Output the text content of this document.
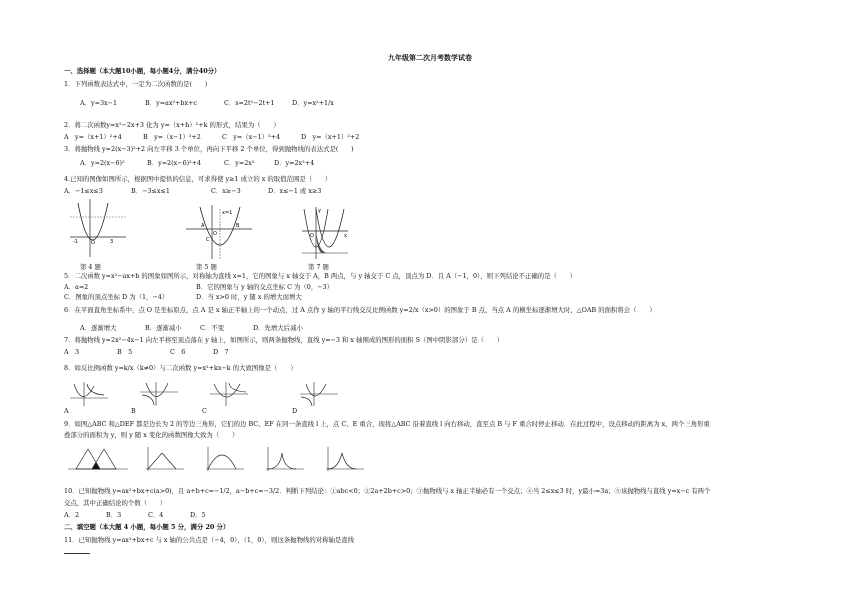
九年级第二次月考数学试卷
一、选择题（本大题10小题，每小题4分，满分40分）
1．下列函数表达式中，一定为二次函数的是(　　)
A．y=3x−1	B．y=ax²+bx+c	C．s=2t²−2t+1	D．y=x²+1/x
2．将二次函数y=x²−2x+3 化为 y=（x+h）²+k 的形式，结果为（　　）
A　y=（x+1）²+4	B　y=（x−1）²+2	C　y=（x−1）²+4	D　y=（x+1）²+2
3．将抛物线 y=2(x−3)²+2 向左平移 3 个单位，再向下平移 2 个单位，得到抛物线的表达式是(　　)
A．y=2(x−6)²	B．y=2(x−6)²+4	C．y=2x²	D．y=2x²+4
4.已知的图像如图所示，根据图中提供的信息，可求得使 y≥1 成立的 x 的取值范围是（　　）
A．−1≤x≤3	B．−3≤x≤1	C．x≥−3	D．x≤−1 或 x≥3
O
-1	3
第 4 题
x=1
A	B
C
O
第 5 题
O	x
y
第 7 题
5．二次函数 y=x²−ax+b 的图象如图所示，对称轴为直线 x=1，它的图象与 x 轴交于 A，B 两点，与 y 轴交于 C 点，顶点为 D．且 A（−1，0），则下列结论不正确的是（　　）
A．a=2	B．它的图象与 y 轴的交点坐标 C 为（0，−3）
C．图象的顶点坐标 D 为（1，−4）	D．当 x>0 时，y 随 x 的增大而增大
6．在平面直角坐标系中，点 O 是坐标原点，点 A 是 x 轴正半轴上的一个动点，过 A 点作 y 轴的平行线交反比例函数 y=2/x（x>0）的图象于 B 点，当点 A 的横坐标逐渐增大时，△OAB 的面积将会（　　）
A．逐渐增大	B．逐渐减小	C．不变	D．先增大后减小
7．将抛物线 y=2x²−4x−1 向左平移至顶点落在 y 轴上，如图所示，则两条抛物线，直线 y=−3 和 x 轴围成的图形的面积 S（图中阴影部分）是（　　）
A　3	B　5	C　6	D　7
8．如反比例函数 y=k/x（k≠0）与二次函数 y=x²+kx−k 的大致图像是（　　）
A	B	C	D
9．如图△ABC 和△DEF 都是边长为 2 的等边三角形，它们的边 BC、EF 在同一条直线 l 上，点 C、E 重合，现将△ABC 沿着直线 l 向右移动，直至点 B 与 F 重合时停止移动．在此过程中，设点移动的距离为 x，两个三角形重
叠部分的面积为 y，则 y 随 x 变化的函数图像大致为（　　）
10．已知抛物线 y=ax²+bx+c(a>0)，且 a+b+c=−1/2，a−b+c=−3/2．判断下列结论：①abc<0；②2a+2b+c>0；③抛物线与 x 轴正半轴必有一个交点；④当 2≤x≤3 时，y最小=3a；⑤该抛物线与直线 y=x−c 有两个
交点，其中正确结论的个数（　　）
A．2	B．3	C．4	D．5
二、填空题（本大题 4 小题，每小题 5 分，满分 20 分）
11．已知抛物线 y=ax²+bx+c 与 x 轴的公共点是（−4，0），（1，0），则这条抛物线的对称轴是直线
